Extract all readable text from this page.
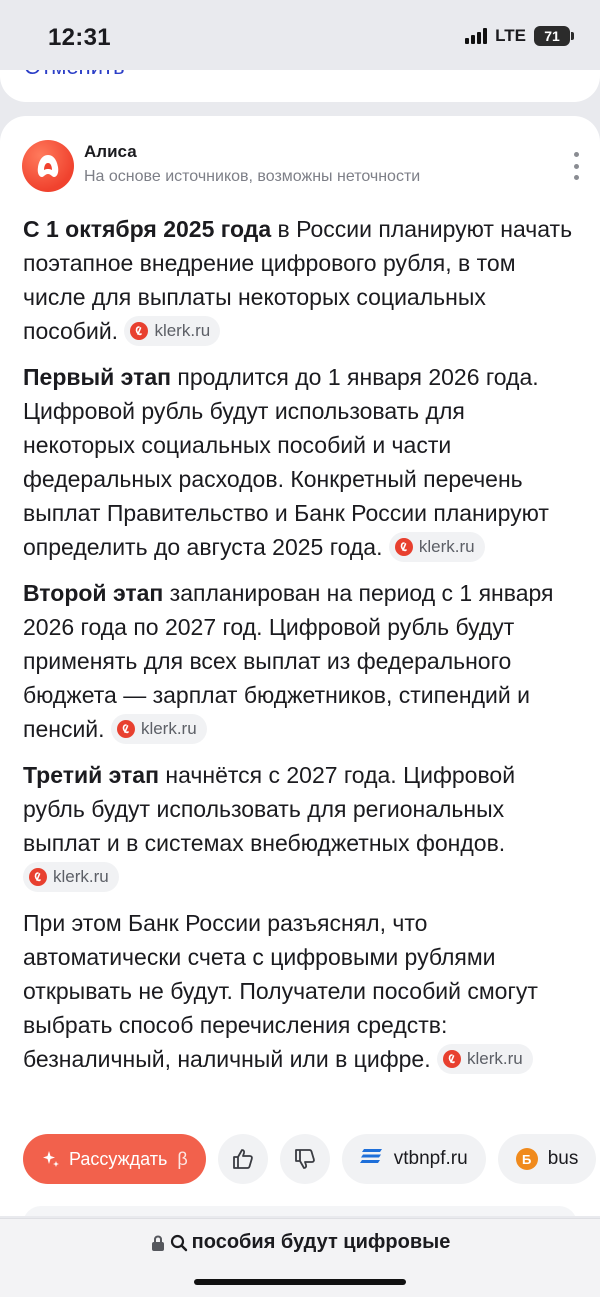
12:31	LTE 71
Алиса
На основе источников, возможны неточности

С 1 октября 2025 года в России планируют начать поэтапное внедрение цифрового рубля, в том числе для выплаты некоторых социальных пособий. klerk.ru

Первый этап продлится до 1 января 2026 года. Цифровой рубль будут использовать для некоторых социальных пособий и части федеральных расходов. Конкретный перечень выплат Правительство и Банк России планируют определить до августа 2025 года. klerk.ru

Второй этап запланирован на период с 1 января 2026 года по 2027 год. Цифровой рубль будут применять для всех выплат из федерального бюджета — зарплат бюджетников, стипендий и пенсий. klerk.ru

Третий этап начнётся с 2027 года. Цифровой рубль будут использовать для региональных выплат и в системах внебюджетных фондов.
klerk.ru

При этом Банк России разъяснял, что автоматически счета с цифровыми рублями открывать не будут. Получатели пособий смогут выбрать способ перечисления средств: безналичный, наличный или в цифре. klerk.ru

Рассуждать β	vtbnpf.ru	Б bus
пособия будут цифровые
